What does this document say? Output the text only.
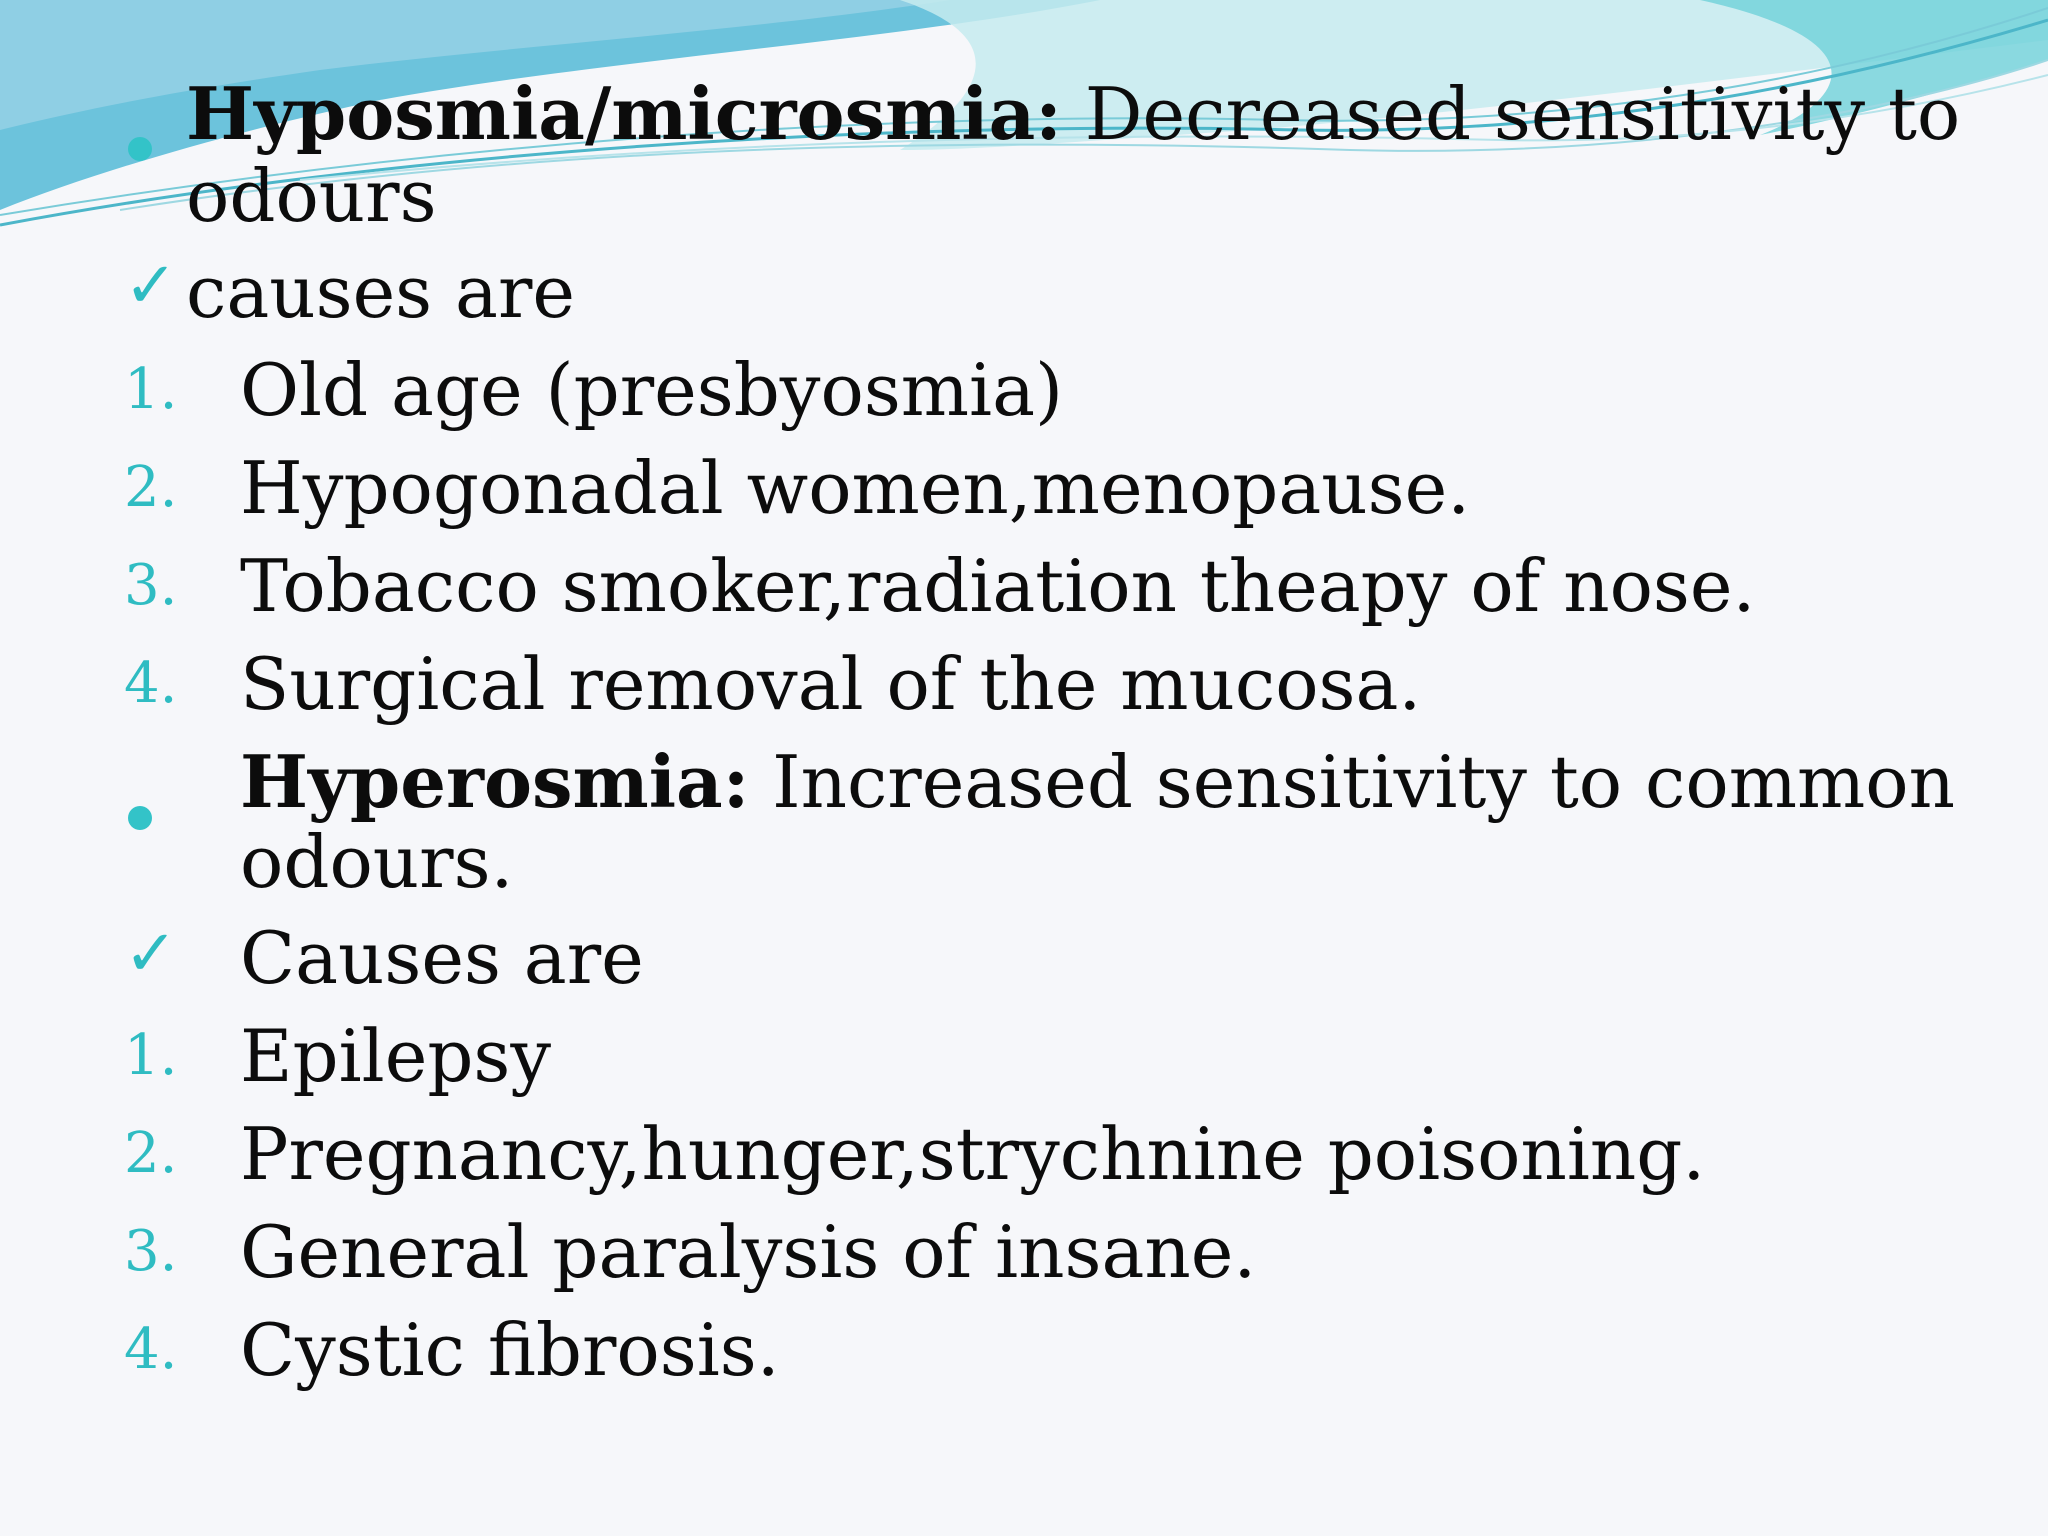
Hyposmia/microsmia: Decreased sensitivity to
odours
✓ causes are
1. Old age (presbyosmia)
2. Hypogonadal women,menopause.
3. Tobacco smoker,radiation theapy of nose.
4. Surgical removal of the mucosa.
Hyperosmia: Increased sensitivity to common
odours.
✓ Causes are
1. Epilepsy
2. Pregnancy,hunger,strychnine poisoning.
3. General paralysis of insane.
4. Cystic fibrosis.
